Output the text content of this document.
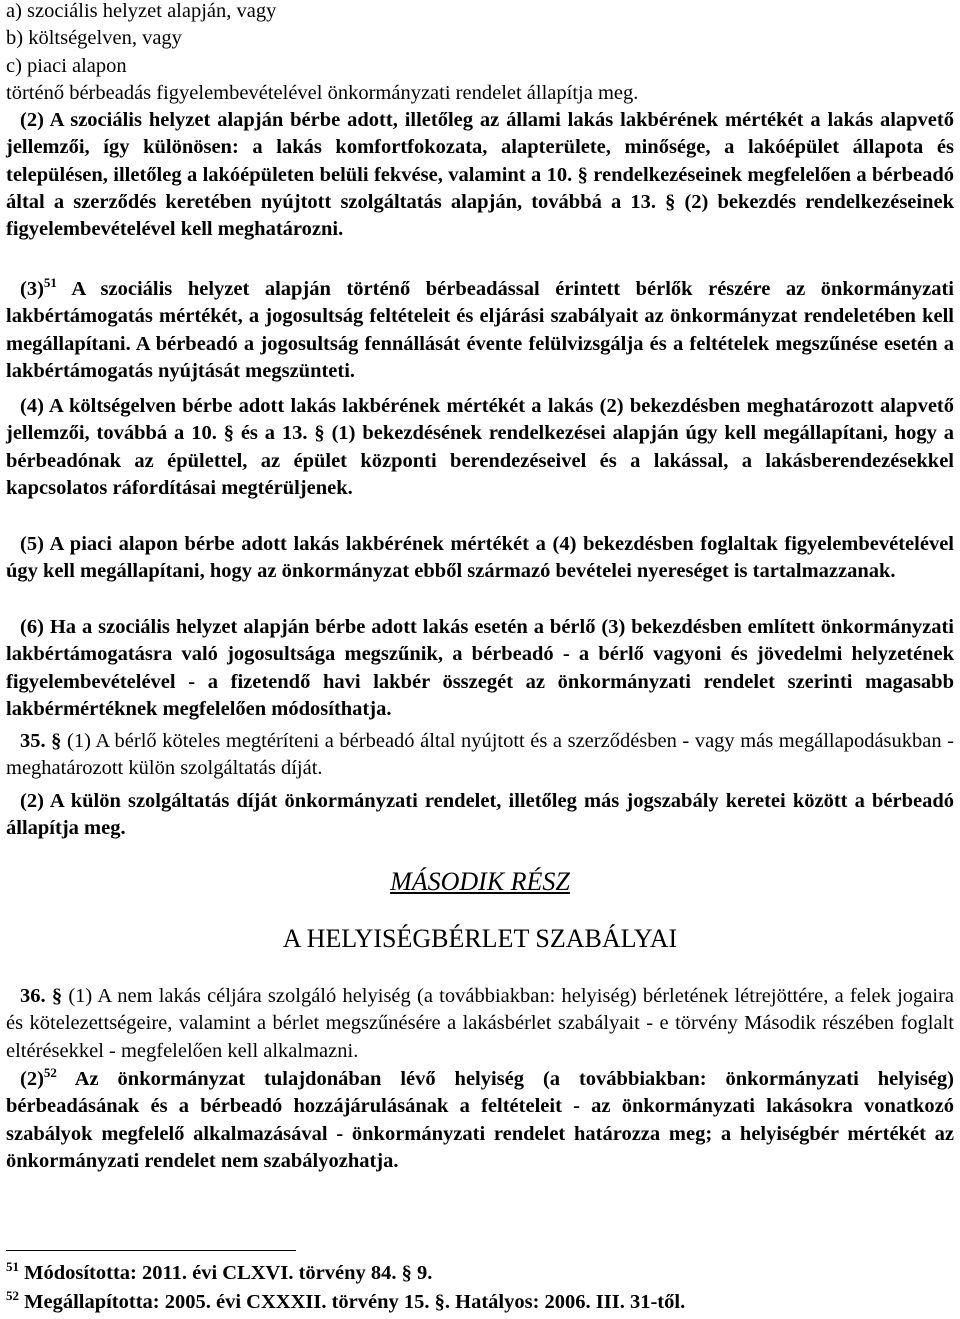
a) szociális helyzet alapján, vagy
b) költségelven, vagy
c) piaci alapon
történő bérbeadás figyelembevételével önkormányzati rendelet állapítja meg.

(2) A szociális helyzet alapján bérbe adott, illetőleg az állami lakás lakbérének mértékét a lakás alapvető jellemzői, így különösen: a lakás komfortfokozata, alapterülete, minősége, a lakóépület állapota és településen, illetőleg a lakóépületen belüli fekvése, valamint a 10. § rendelkezéseinek megfelelően a bérbeadó által a szerződés keretében nyújtott szolgáltatás alapján, továbbá a 13. § (2) bekezdés rendelkezéseinek figyelembevételével kell meghatározni.

$(3)^{51}$ A szociális helyzet alapján történő bérbeadással érintett bérlők részére az önkormányzati lakbértámogatás mértékét, a jogosultság feltételeit és eljárási szabályait az önkormányzat rendeletében kell megállapítani. A bérbeadó a jogosultság fennállását évente felülvizsgálja és a feltételek megszűnése esetén a lakbértámogatás nyújtását megszünteti.

(4) A költségelven bérbe adott lakás lakbérének mértékét a lakás (2) bekezdésben meghatározott alapvető jellemzői, továbbá a 10. § és a 13. § (1) bekezdésének rendelkezései alapján úgy kell megállapítani, hogy a bérbeadónak az épülettel, az épület központi berendezéseivel és a lakással, a lakásberendezésekkel kapcsolatos ráfordításai megtérüljenek.

(5) A piaci alapon bérbe adott lakás lakbérének mértékét a (4) bekezdésben foglaltak figyelembevételével úgy kell megállapítani, hogy az önkormányzat ebből származó bevételei nyereséget is tartalmazzanak.

(6) Ha a szociális helyzet alapján bérbe adott lakás esetén a bérlő (3) bekezdésben említett önkormányzati lakbértámogatásra való jogosultsága megszűnik, a bérbeadó - a bérlő vagyoni és jövedelmi helyzetének figyelembevételével - a fizetendő havi lakbér összegét az önkormányzati rendelet szerinti magasabb lakbérmértéknek megfelelően módosíthatja.

35. § (1) A bérlő köteles megtéríteni a bérbeadó által nyújtott és a szerződésben - vagy más megállapodásukban - meghatározott külön szolgáltatás díját.

(2) A külön szolgáltatás díját önkormányzati rendelet, illetőleg más jogszabály keretei között a bérbeadó állapítja meg.

MÁSODIK RÉSZ
A HELYISÉGBÉRLET SZABÁLYAI

36. § (1) A nem lakás céljára szolgáló helyiség (a továbbiakban: helyiség) bérletének létrejöttére, a felek jogaira és kötelezettségeire, valamint a bérlet megszűnésére a lakásbérlet szabályait - e törvény Második részében foglalt eltérésekkel - megfelelően kell alkalmazni.

$(2)^{52}$ Az önkormányzat tulajdonában lévő helyiség (a továbbiakban: önkormányzati helyiség) bérbeadásának és a bérbeadó hozzájárulásának a feltételeit - az önkormányzati lakásokra vonatkozó szabályok megfelelő alkalmazásával - önkormányzati rendelet határozza meg; a helyiségbér mértékét az önkormányzati rendelet nem szabályozhatja.

$^{51}$ Módosította: 2011. évi CLXVI. törvény 84. § 9.
$^{52}$ Megállapította: 2005. évi CXXXII. törvény 15. §. Hatályos: 2006. III. 31-től.
